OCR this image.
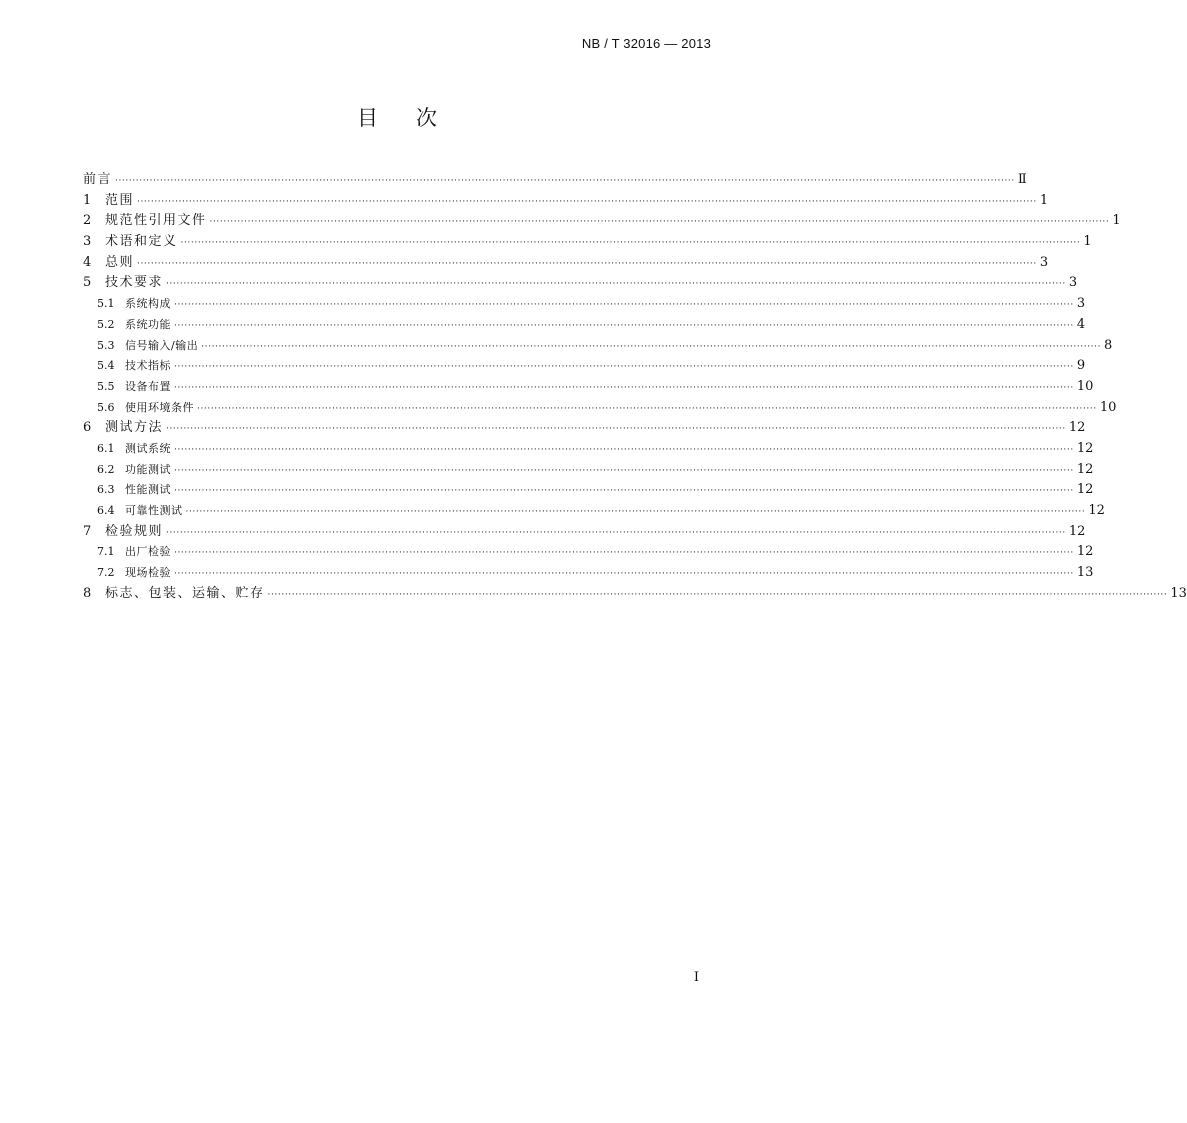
NB / T 32016 — 2013
目次
前言 ···································································································································································································································································· Ⅱ
1	范围 ···································································································································································································································································· 1
2	规范性引用文件 ···································································································································································································································································· 1
3	术语和定义 ···································································································································································································································································· 1
4	总则 ···································································································································································································································································· 3
5	技术要求 ···································································································································································································································································· 3
5.1 系统构成 ···································································································································································································································································· 3
5.2 系统功能 ···································································································································································································································································· 4
5.3 信号输入/输出 ···································································································································································································································································· 8
5.4 技术指标 ···································································································································································································································································· 9
5.5 设备布置 ···································································································································································································································································· 10
5.6 使用环境条件 ···································································································································································································································································· 10
6	测试方法 ···································································································································································································································································· 12
6.1 测试系统 ···································································································································································································································································· 12
6.2 功能测试 ···································································································································································································································································· 12
6.3 性能测试 ···································································································································································································································································· 12
6.4 可靠性测试 ···································································································································································································································································· 12
7	检验规则 ···································································································································································································································································· 12
7.1 出厂检验 ···································································································································································································································································· 12
7.2 现场检验 ···································································································································································································································································· 13
8	标志、包装、运输、贮存 ···································································································································································································································································· 13
I
